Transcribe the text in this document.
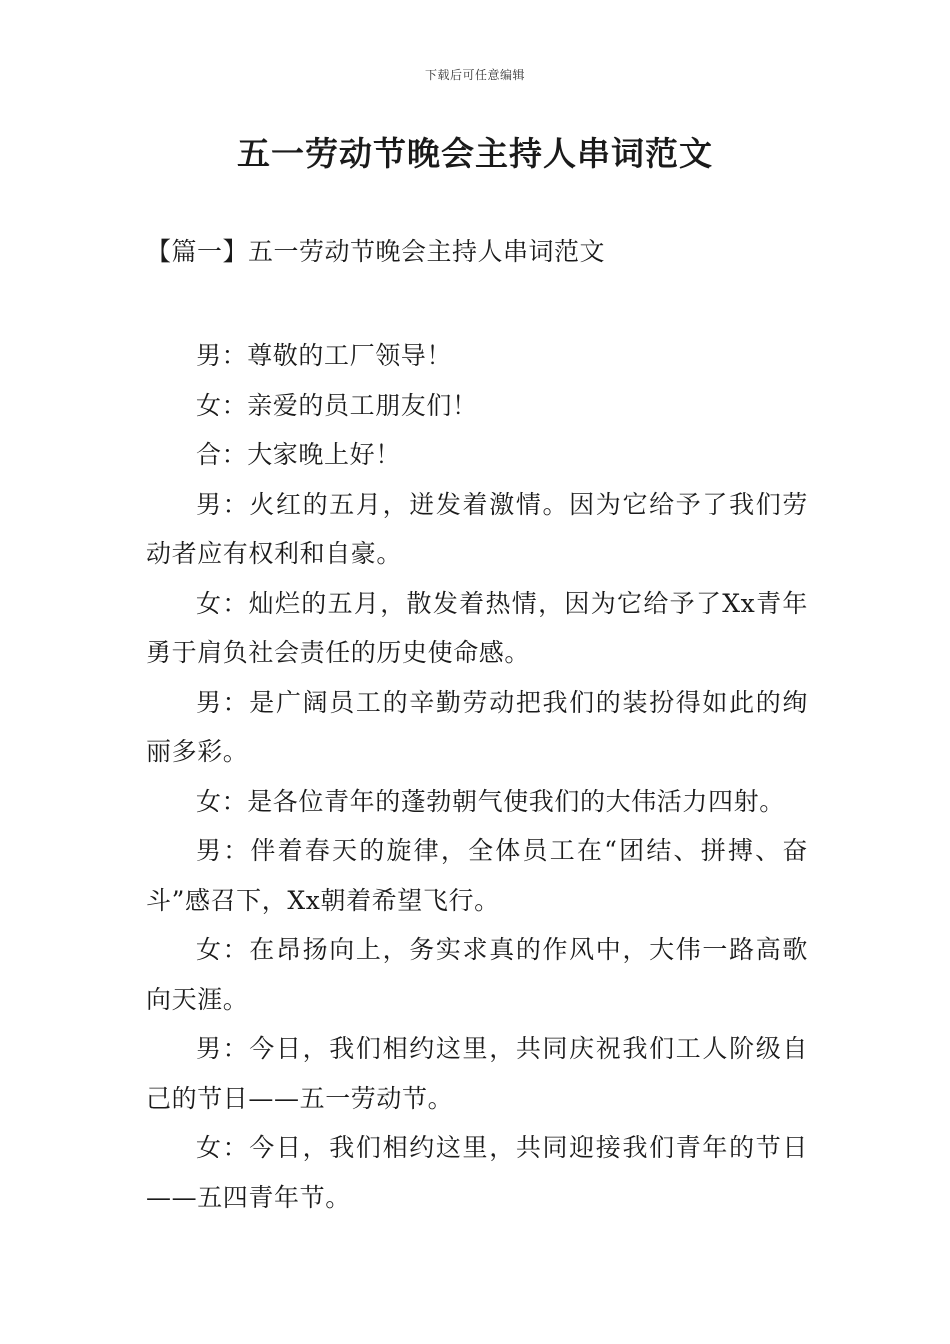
下载后可任意编辑
五一劳动节晚会主持人串词范文
【篇一】五一劳动节晚会主持人串词范文

男：尊敬的工厂领导！

女：亲爱的员工朋友们！

合：大家晚上好！

男：火红的五月，迸发着激情。因为它给予了我们劳动者应有权利和自豪。

女：灿烂的五月，散发着热情，因为它给予了Xx青年勇于肩负社会责任的历史使命感。

男：是广阔员工的辛勤劳动把我们的装扮得如此的绚丽多彩。

女：是各位青年的蓬勃朝气使我们的大伟活力四射。

男：伴着春天的旋律，全体员工在“团结、拼搏、奋斗”感召下，Xx朝着希望飞行。

女：在昂扬向上，务实求真的作风中，大伟一路高歌向天涯。

男：今日，我们相约这里，共同庆祝我们工人阶级自己的节日——五一劳动节。

女：今日，我们相约这里，共同迎接我们青年的节日——五四青年节。
